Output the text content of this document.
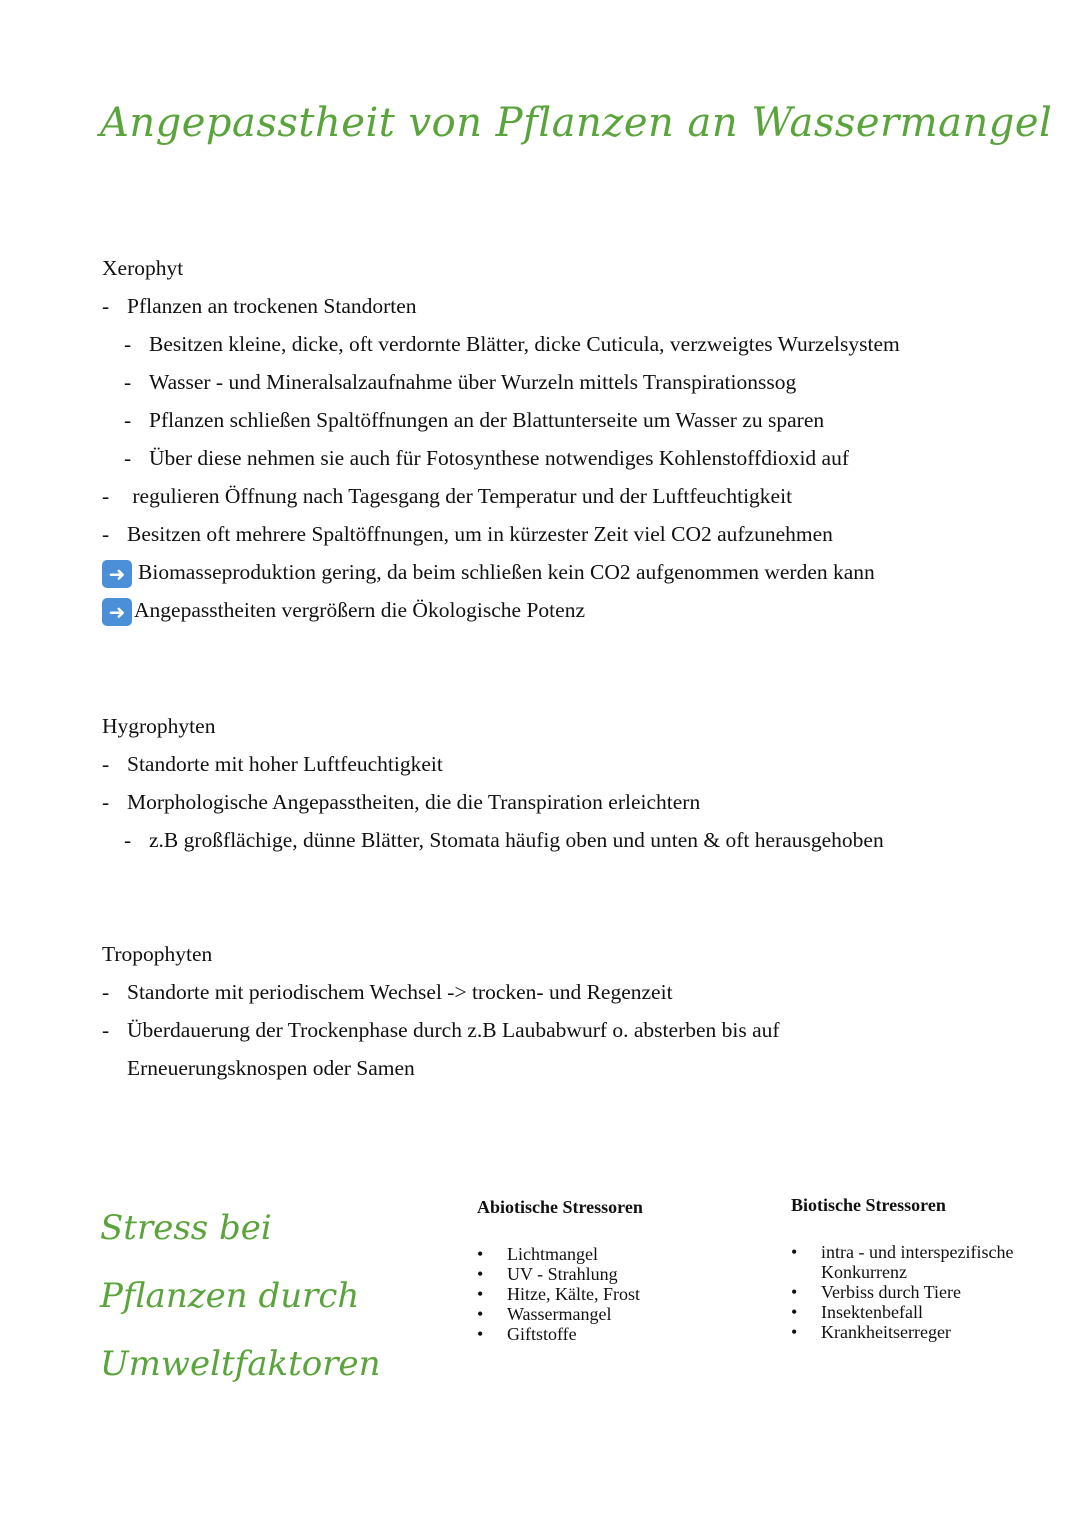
Angepasstheit von Pflanzen an Wassermangel
Xerophyt
- Pflanzen an trockenen Standorten
- Besitzen kleine, dicke, oft verdornte Blätter, dicke Cuticula, verzweigtes Wurzelsystem
- Wasser - und Mineralsalzaufnahme über Wurzeln mittels Transpirationssog
- Pflanzen schließen Spaltöffnungen an der Blattunterseite um Wasser zu sparen
- Über diese nehmen sie auch für Fotosynthese notwendiges Kohlenstoffdioxid auf
- regulieren Öffnung nach Tagesgang der Temperatur und der Luftfeuchtigkeit
- Besitzen oft mehrere Spaltöffnungen, um in kürzester Zeit viel CO2 aufzunehmen
➜ Biomasseproduktion gering, da beim schließen kein CO2 aufgenommen werden kann
➜ Angepasstheiten vergrößern die Ökologische Potenz
Hygrophyten
- Standorte mit hoher Luftfeuchtigkeit
- Morphologische Angepasstheiten, die die Transpiration erleichtern
- z.B großflächige, dünne Blätter, Stomata häufig oben und unten & oft herausgehoben
Tropophyten
- Standorte mit periodischem Wechsel -> trocken- und Regenzeit
- Überdauerung der Trockenphase durch z.B Laubabwurf o. absterben bis auf
Erneuerungsknospen oder Samen
Stress bei
Pflanzen durch
Umweltfaktoren
Abiotische Stressoren
• Lichtmangel
• UV - Strahlung
• Hitze, Kälte, Frost
• Wassermangel
• Giftstoffe
Biotische Stressoren
• intra - und interspezifische Konkurrenz
• Verbiss durch Tiere
• Insektenbefall
• Krankheitserreger
